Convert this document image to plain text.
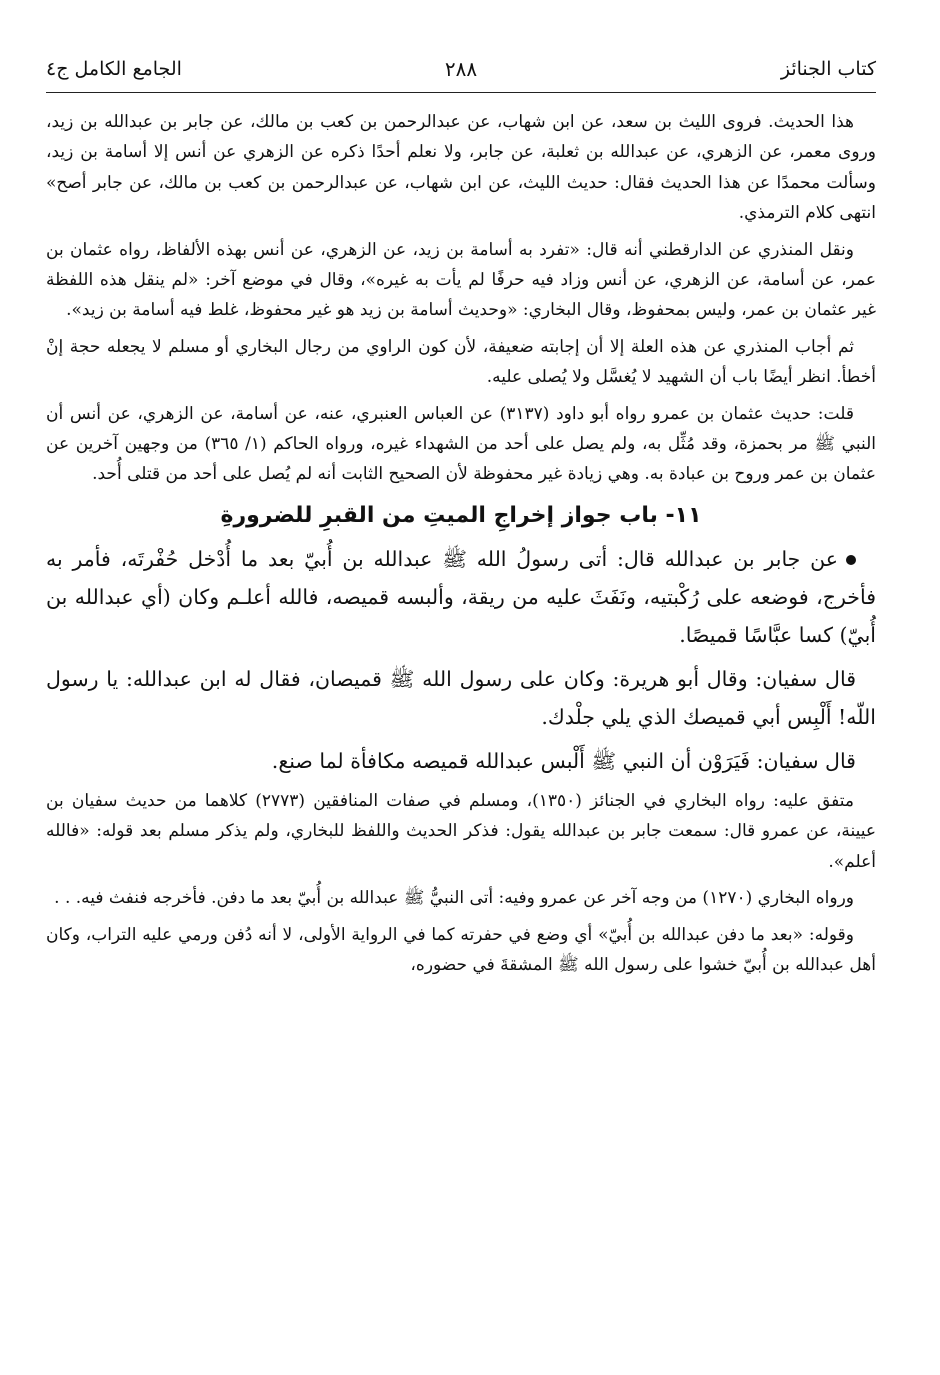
كتاب الجنائز
٢٨٨
الجامع الكامل ج٤

هذا الحديث. فروى الليث بن سعد، عن ابن شهاب، عن عبدالرحمن بن كعب بن مالك، عن جابر بن عبدالله بن زيد، وروى معمر، عن الزهري، عن عبدالله بن ثعلبة، عن جابر، ولا نعلم أحدًا ذكره عن الزهري عن أنس إلا أسامة بن زيد، وسألت محمدًا عن هذا الحديث فقال: حديث الليث، عن ابن شهاب، عن عبدالرحمن بن كعب بن مالك، عن جابر أصح» انتهى كلام الترمذي.

ونقل المنذري عن الدارقطني أنه قال: «تفرد به أسامة بن زيد، عن الزهري، عن أنس بهذه الألفاظ، رواه عثمان بن عمر، عن أسامة، عن الزهري، عن أنس وزاد فيه حرفًا لم يأت به غيره»، وقال في موضع آخر: «لم ينقل هذه اللفظة غير عثمان بن عمر، وليس بمحفوظ، وقال البخاري: «وحديث أسامة بن زيد هو غير محفوظ، غلط فيه أسامة بن زيد».

ثم أجاب المنذري عن هذه العلة إلا أن إجابته ضعيفة، لأن كون الراوي من رجال البخاري أو مسلم لا يجعله حجة إنْ أخطأ. انظر أيضًا باب أن الشهيد لا يُغسَّل ولا يُصلى عليه.

قلت: حديث عثمان بن عمرو رواه أبو داود (٣١٣٧) عن العباس العنبري، عنه، عن أسامة، عن الزهري، عن أنس أن النبي ﷺ مر بحمزة، وقد مُثِّل به، ولم يصل على أحد من الشهداء غيره، ورواه الحاكم (١/ ٣٦٥) من وجهين آخرين عن عثمان بن عمر وروح بن عبادة به. وهي زيادة غير محفوظة لأن الصحيح الثابت أنه لم يُصل على أحد من قتلى أُحد.

١١- باب جواز إخراجِ الميتِ من القبرِ للضرورةِ

عن جابر بن عبدالله قال: أتى رسولُ الله ﷺ عبدالله بن أُبيّ بعد ما أُدْخل حُفْرتَه، فأمر به فأخرج، فوضعه على رُكْبتيه، ونَفَثَ عليه من ريقة، وألبسه قميصه، فالله أعلـم وكان (أي عبدالله بن أُبيّ) كسا عبَّاسًا قميصًا.

قال سفيان: وقال أبو هريرة: وكان على رسول الله ﷺ قميصان، فقال له ابن عبدالله: يا رسول اللّه! أَلْبِس أبي قميصك الذي يلي جلْدك.

قال سفيان: فَيَرَوْن أن النبي ﷺ أَلْبس عبدالله قميصه مكافأة لما صنع.

متفق عليه: رواه البخاري في الجنائز (١٣٥٠)، ومسلم في صفات المنافقين (٢٧٧٣) كلاهما من حديث سفيان بن عيينة، عن عمرو قال: سمعت جابر بن عبدالله يقول: فذكر الحديث واللفظ للبخاري، ولم يذكر مسلم بعد قوله: «فالله أعلم».

ورواه البخاري (١٢٧٠) من وجه آخر عن عمرو وفيه: أتى النبيُّ ﷺ عبدالله بن أُبيّ بعد ما دفن. فأخرجه فنفث فيه. . .

وقوله: «بعد ما دفن عبدالله بن أُبيّ» أي وضع في حفرته كما في الرواية الأولى، لا أنه دُفن ورمي عليه التراب، وكان أهل عبدالله بن أُبيّ خشوا على رسول الله ﷺ المشقةَ في حضوره،
